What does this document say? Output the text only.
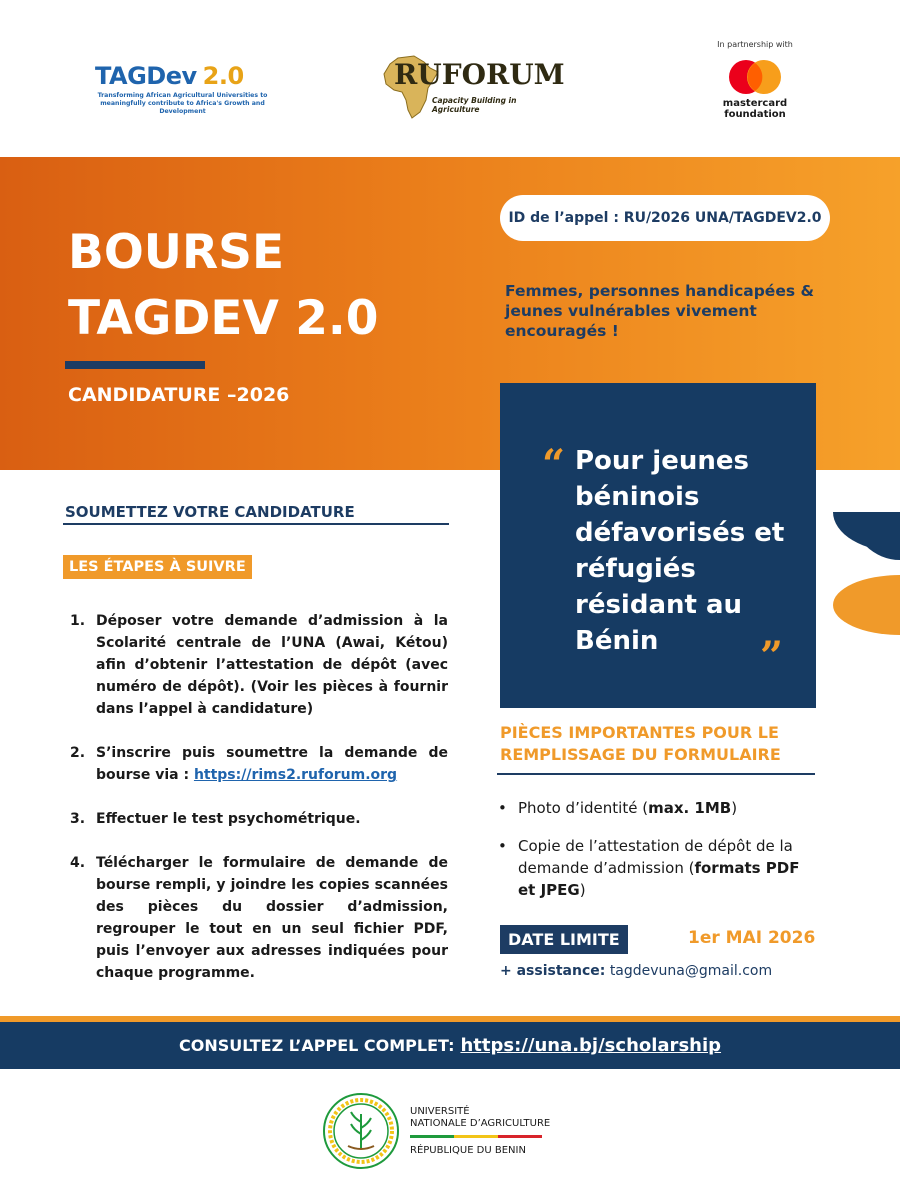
TAGDev 2.0
Transforming African Agricultural Universities to meaningfully contribute to Africa's Growth and Development
RUFORUM
Capacity Building in Agriculture
In partnership with
mastercard
foundation
BOURSE
TAGDEV 2.0
CANDIDATURE –2026
ID de l’appel : RU/2026 UNA/TAGDEV2.0
Femmes, personnes handicapées & jeunes vulnérables vivement encouragés !
“ Pour jeunes béninois défavorisés et réfugiés résidant au Bénin	”
SOUMETTEZ VOTRE CANDIDATURE
LES ÉTAPES À SUIVRE
1. Déposer votre demande d’admission à la Scolarité centrale de l’UNA (Awai, Kétou) afin d’obtenir l’attestation de dépôt (avec numéro de dépôt). (Voir les pièces à fournir dans l’appel à candidature)
2. S’inscrire puis soumettre la demande de bourse via : https://rims2.ruforum.org
3. Effectuer le test psychométrique.
4. Télécharger le formulaire de demande de bourse rempli, y joindre les copies scannées des pièces du dossier d’admission, regrouper le tout en un seul fichier PDF, puis l’envoyer aux adresses indiquées pour chaque programme.
PIÈCES IMPORTANTES POUR LE REMPLISSAGE DU FORMULAIRE
• Photo d’identité (max. 1MB)
• Copie de l’attestation de dépôt de la demande d’admission (formats PDF et JPEG)
DATE LIMITE	1er MAI 2026
+ assistance: tagdevuna@gmail.com
CONSULTEZ L’APPEL COMPLET: https://una.bj/scholarship
UNIVERSITÉ
NATIONALE D’AGRICULTURE
RÉPUBLIQUE DU BENIN
